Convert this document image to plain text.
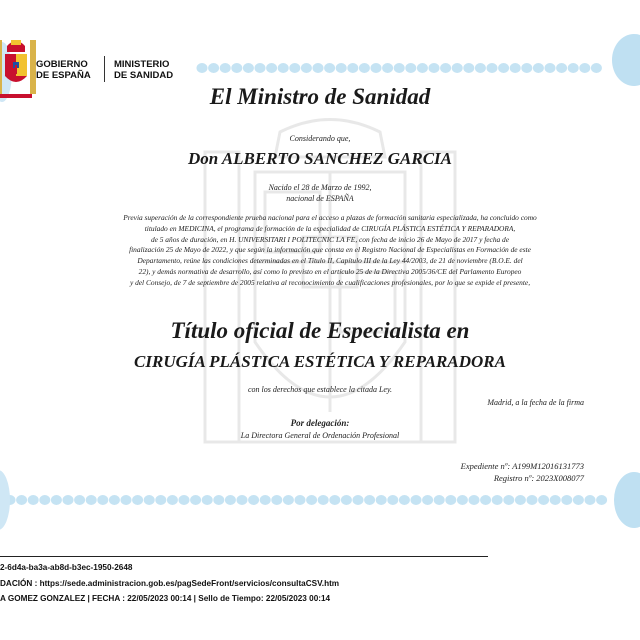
GOBIERNO
DE ESPAÑA
MINISTERIO
DE SANIDAD
El Ministro de Sanidad
Considerando que,
Don ALBERTO SANCHEZ GARCIA
Nacido el 28 de Marzo de 1992,
nacional de ESPAÑA
Previa superación de la correspondiente prueba nacional para el acceso a plazas de formación sanitaria especializada, ha concluido como
titulado en MEDICINA, el programa de formación de la especialidad de CIRUGÍA PLÁSTICA ESTÉTICA Y REPARADORA,
de 5 años de duración, en H. UNIVERSITARI I POLITECNIC LA FE, con fecha de inicio 26 de Mayo de 2017 y fecha de
finalización 25 de Mayo de 2022, y que según la información que consta en el Registro Nacional de Especialistas en Formación de este
Departamento, reúne las condiciones determinadas en el Título II, Capítulo III de la Ley 44/2003, de 21 de noviembre (B.O.E. del
22), y demás normativa de desarrollo, así como lo previsto en el artículo 25 de la Directiva 2005/36/CE del Parlamento Europeo
y del Consejo, de 7 de septiembre de 2005 relativa al reconocimiento de cualificaciones profesionales, por lo que se expide el presente,
Título oficial de Especialista en
CIRUGÍA PLÁSTICA ESTÉTICA Y REPARADORA
con los derechos que establece la citada Ley.
Madrid, a la fecha de la firma
Por delegación:
La Directora General de Ordenación Profesional
Expediente nº: A199M12016131773
Registro nº: 2023X008077
2-6d4a-ba3a-ab8d-b3ec-1950-2648
DACIÓN : https://sede.administracion.gob.es/pagSedeFront/servicios/consultaCSV.htm
A GOMEZ GONZALEZ | FECHA : 22/05/2023 00:14 | Sello de Tiempo: 22/05/2023 00:14
